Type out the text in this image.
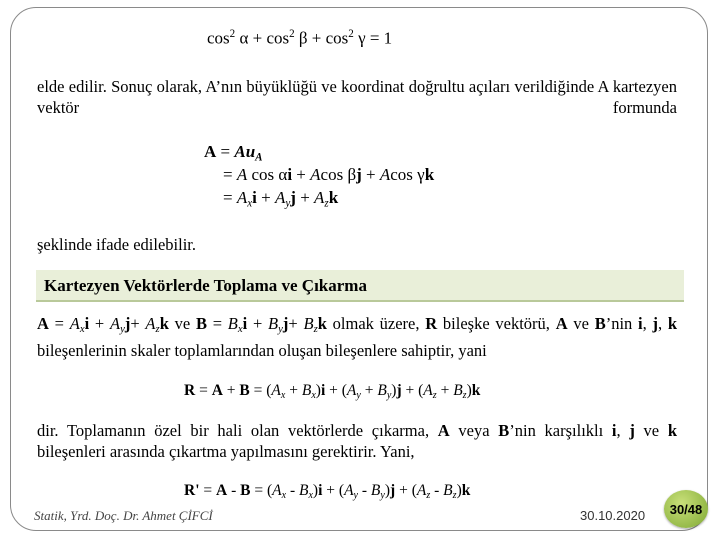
$\cos^2 \alpha + \cos^2 \beta + \cos^2 \gamma = 1$
elde edilir. Sonuç olarak, A’nın büyüklüğü ve koordinat doğrultu açıları verildiğinde A kartezyen vektör formunda
$A = Au_A$
= A cos αi + Acos βj + Acos γk
= $A_xi + A_yj + A_zk$
şeklinde ifade edilebilir.
Kartezyen Vektörlerde Toplama ve Çıkarma
$A = A_xi + A_yj+ A_zk$ ve $B = B_xi + B_yj+ B_zk$ olmak üzere, R bileşke vektörü, A ve B’nin i, j, k bileşenlerinin skaler toplamlarından oluşan bileşenlere sahiptir, yani
$R = A + B = (A_x + B_x)i + (A_y + B_y)j + (A_z + B_z)k$
dir. Toplamanın özel bir hali olan vektörlerde çıkarma, A veya B’nin karşılıklı i, j ve k bileşenleri arasında çıkartma yapılmasını gerektirir. Yani,
$R' = A - B = (A_x - B_x)i + (A_y - B_y)j + (A_z - B_z)k$
Statik, Yrd. Doç. Dr. Ahmet ÇİFCİ	30.10.2020 30/48
